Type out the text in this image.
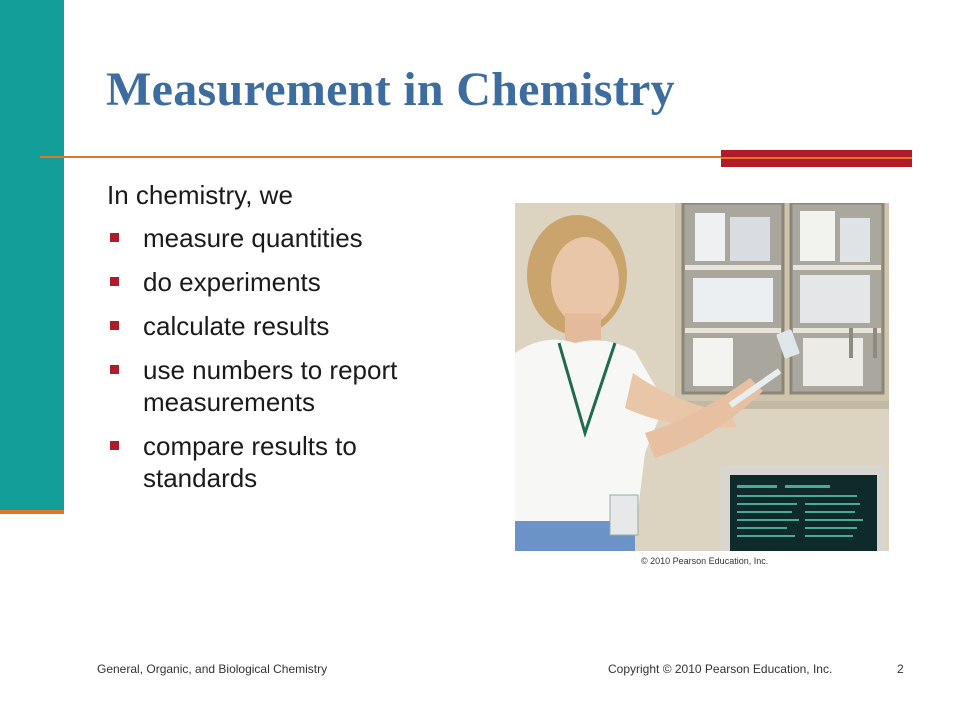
Measurement in Chemistry
In chemistry, we
measure quantities
do experiments
calculate results
use numbers to report measurements
compare results to standards
© 2010 Pearson Education, Inc.
General, Organic, and Biological Chemistry	Copyright © 2010 Pearson Education, Inc.	2
